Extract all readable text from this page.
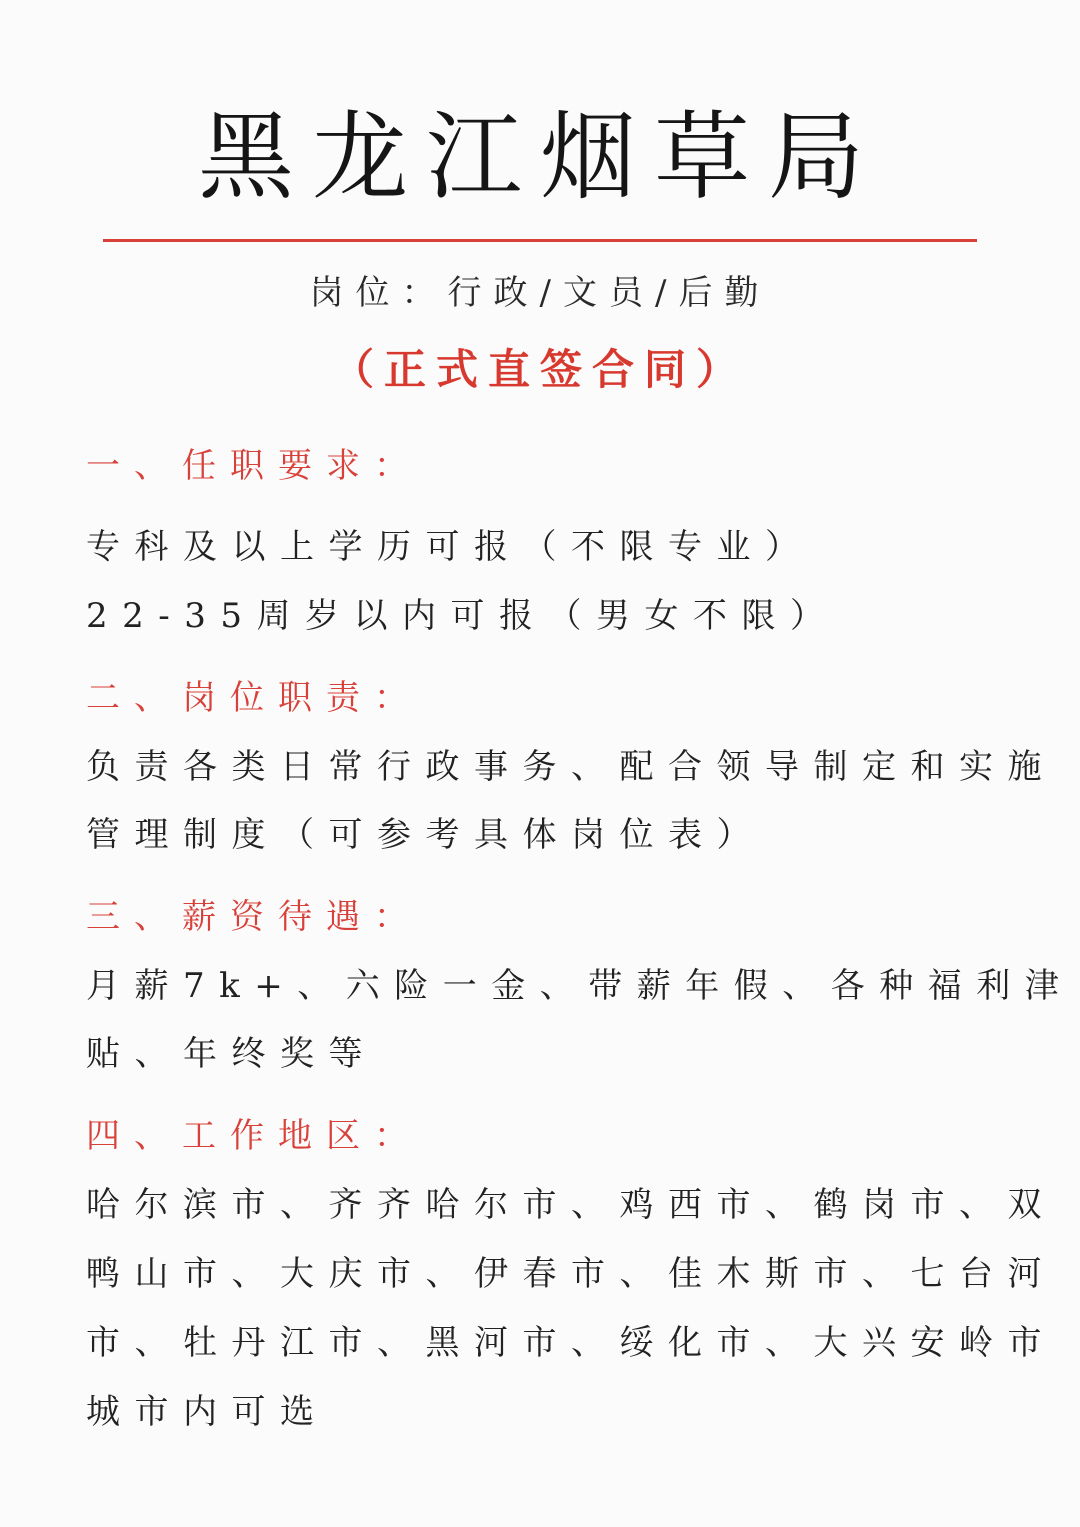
黑龙江烟草局
岗位：行政/文员/后勤
（正式直签合同）
一、任职要求：
专科及以上学历可报（不限专业）
22-35周岁以内可报（男女不限）
二、岗位职责：
负责各类日常行政事务、配合领导制定和实施
管理制度（可参考具体岗位表）
三、薪资待遇：
月薪7k+、六险一金、带薪年假、各种福利津
贴、年终奖等
四、工作地区：
哈尔滨市、齐齐哈尔市、鸡西市、鹤岗市、双
鸭山市、大庆市、伊春市、佳木斯市、七台河
市、牡丹江市、黑河市、绥化市、大兴安岭市
城市内可选
